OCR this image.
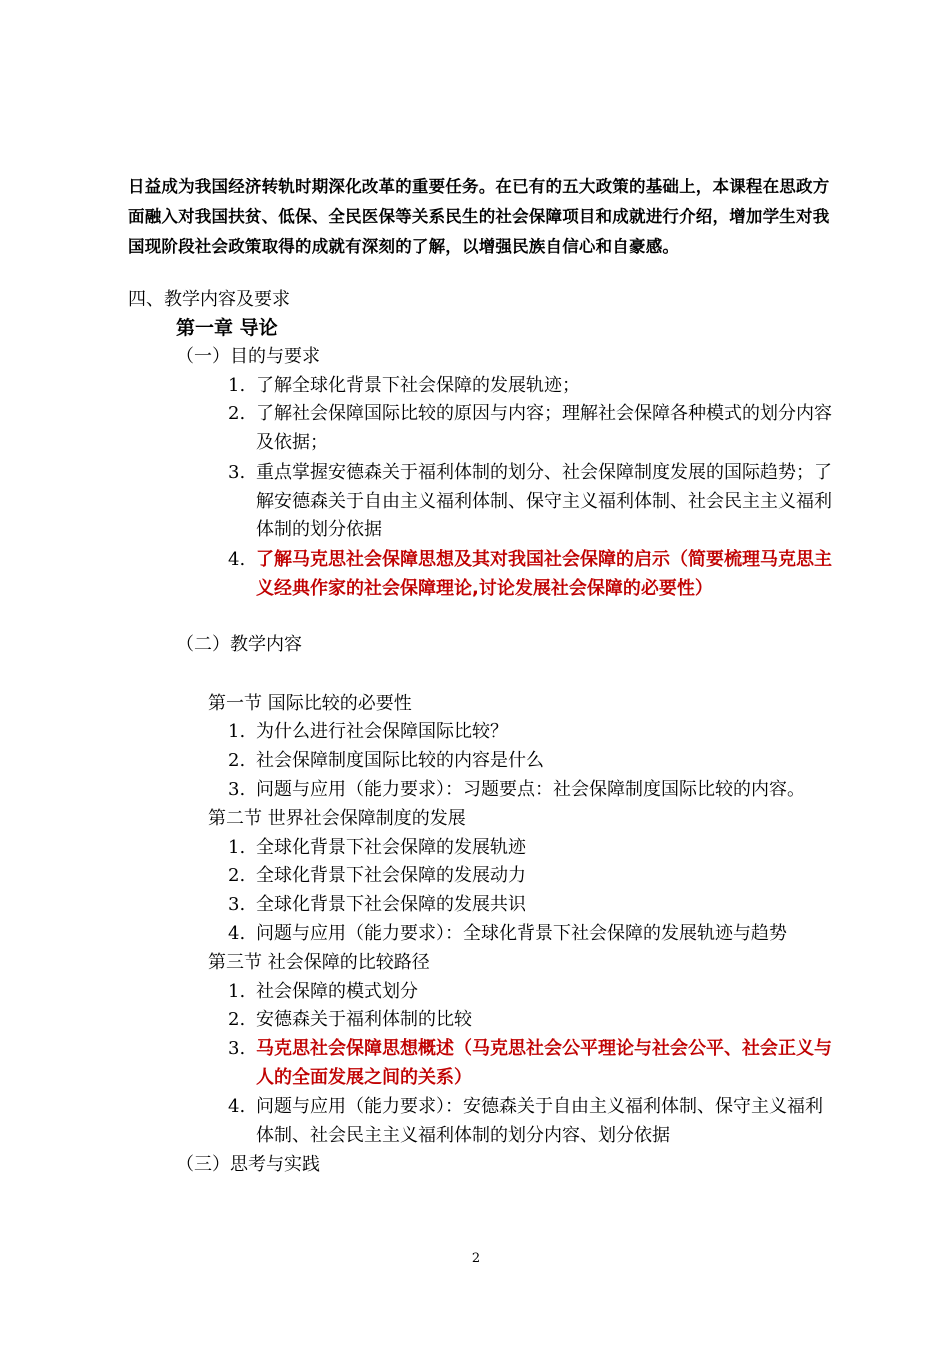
日益成为我国经济转轨时期深化改革的重要任务。在已有的五大政策的基础上，本课程在思政方面融入对我国扶贫、低保、全民医保等关系民生的社会保障项目和成就进行介绍，增加学生对我国现阶段社会政策取得的成就有深刻的了解，以增强民族自信心和自豪感。
四、教学内容及要求
第一章 导论
（一）目的与要求
1. 了解全球化背景下社会保障的发展轨迹；
2. 了解社会保障国际比较的原因与内容；理解社会保障各种模式的划分内容及依据；
3. 重点掌握安德森关于福利体制的划分、社会保障制度发展的国际趋势；了解安德森关于自由主义福利体制、保守主义福利体制、社会民主主义福利体制的划分依据
4. 了解马克思社会保障思想及其对我国社会保障的启示（简要梳理马克思主义经典作家的社会保障理论,讨论发展社会保障的必要性）
（二）教学内容
第一节 国际比较的必要性
1. 为什么进行社会保障国际比较？
2. 社会保障制度国际比较的内容是什么
3. 问题与应用（能力要求）：习题要点：社会保障制度国际比较的内容。
第二节 世界社会保障制度的发展
1. 全球化背景下社会保障的发展轨迹
2. 全球化背景下社会保障的发展动力
3. 全球化背景下社会保障的发展共识
4. 问题与应用（能力要求）：全球化背景下社会保障的发展轨迹与趋势
第三节 社会保障的比较路径
1. 社会保障的模式划分
2. 安德森关于福利体制的比较
3. 马克思社会保障思想概述（马克思社会公平理论与社会公平、社会正义与人的全面发展之间的关系）
4. 问题与应用（能力要求）：安德森关于自由主义福利体制、保守主义福利体制、社会民主主义福利体制的划分内容、划分依据
（三）思考与实践
2
